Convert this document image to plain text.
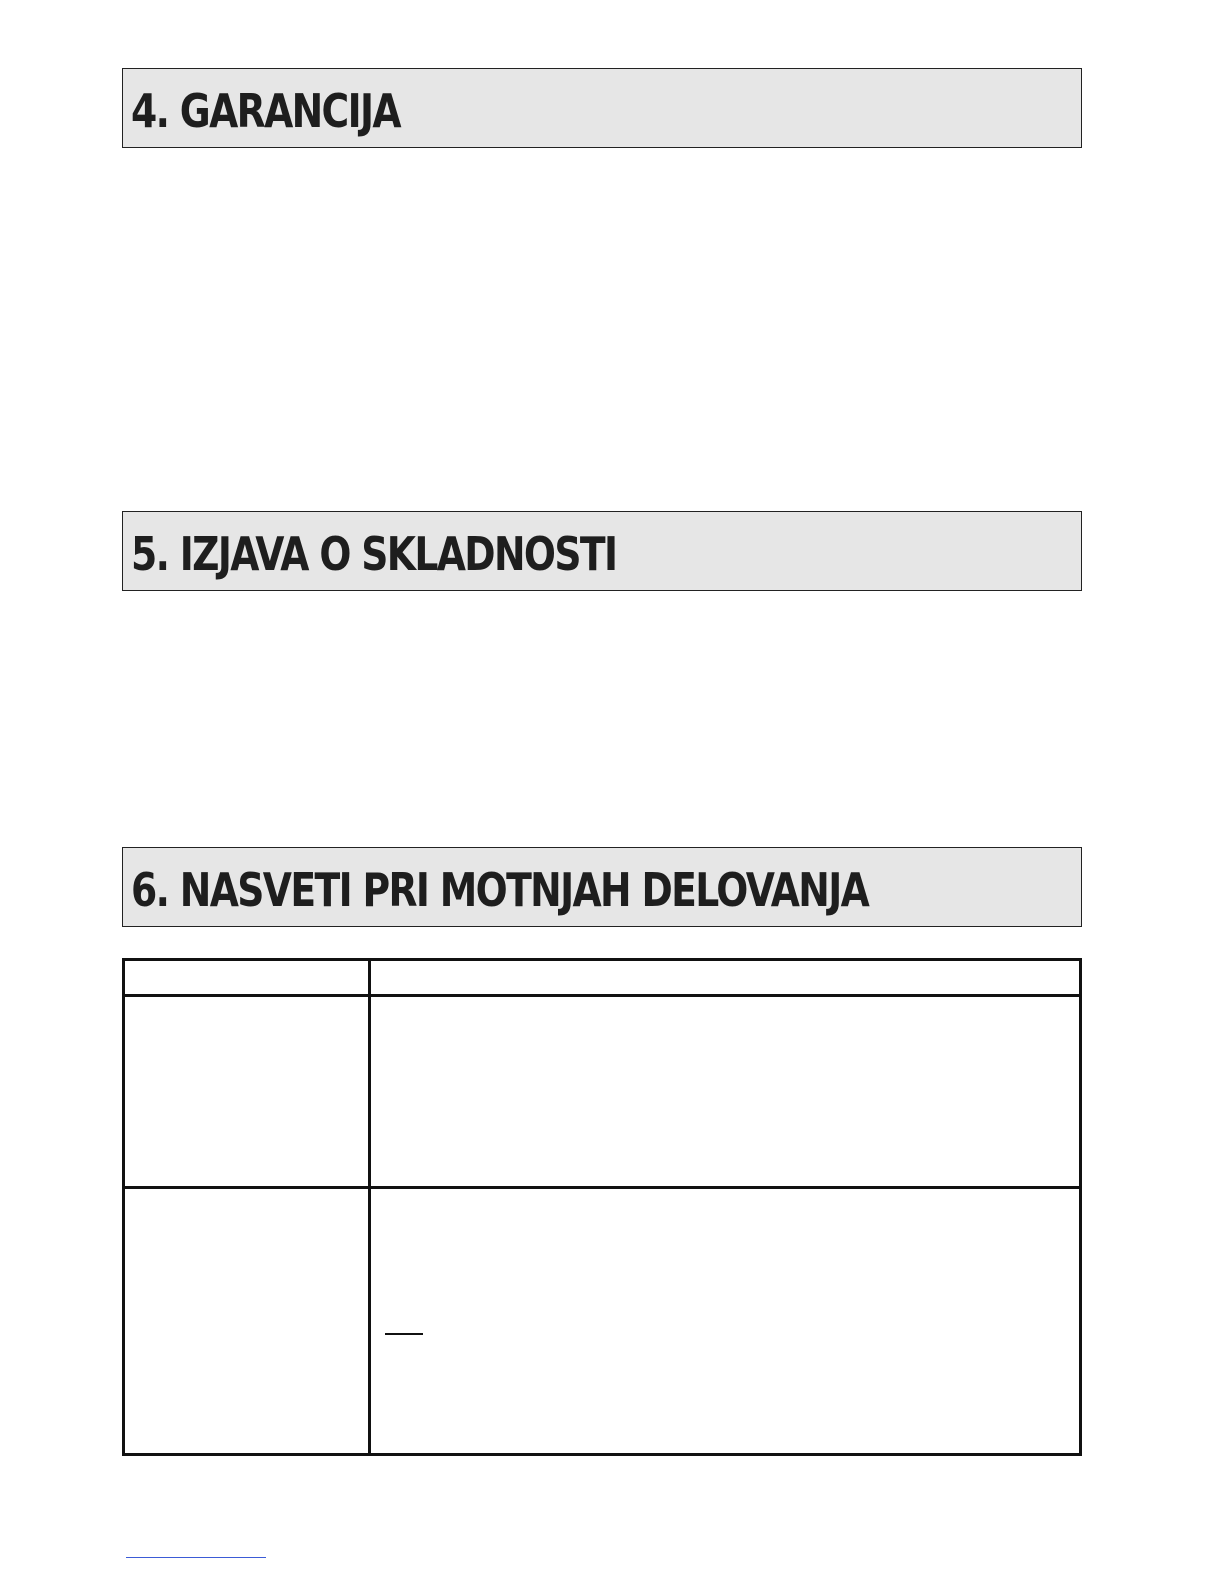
4. GARANCIJA
5. IZJAVA O SKLADNOSTI
6. NASVETI PRI MOTNJAH DELOVANJA
